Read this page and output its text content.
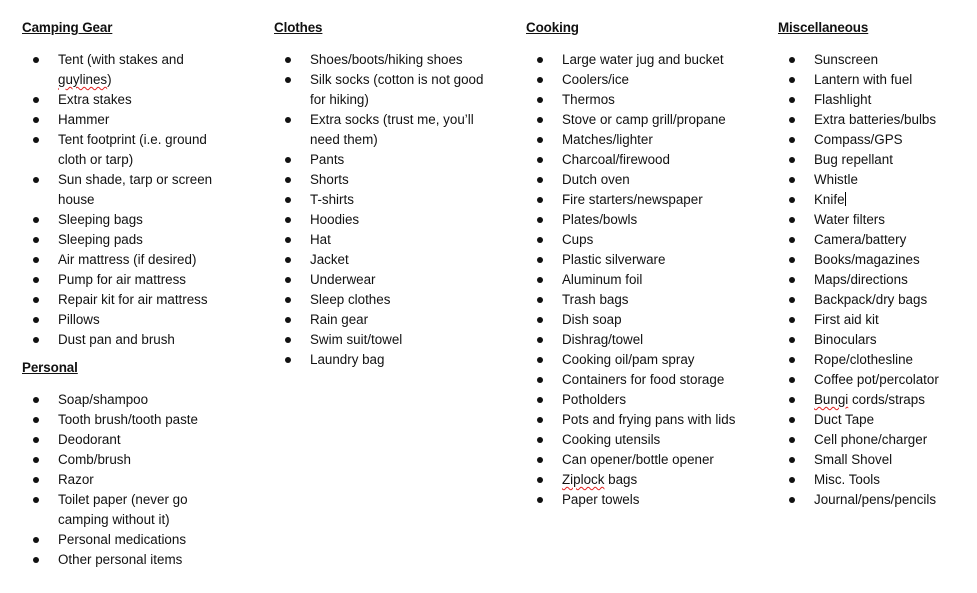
Camping Gear
Tent (with stakes and guylines)
Extra stakes
Hammer
Tent footprint (i.e. ground cloth or tarp)
Sun shade, tarp or screen house
Sleeping bags
Sleeping pads
Air mattress (if desired)
Pump for air mattress
Repair kit for air mattress
Pillows
Dust pan and brush
Personal
Soap/shampoo
Tooth brush/tooth paste
Deodorant
Comb/brush
Razor
Toilet paper (never go camping without it)
Personal medications
Other personal items
Clothes
Shoes/boots/hiking shoes
Silk socks (cotton is not good for hiking)
Extra socks (trust me, you’ll need them)
Pants
Shorts
T-shirts
Hoodies
Hat
Jacket
Underwear
Sleep clothes
Rain gear
Swim suit/towel
Laundry bag
Cooking
Large water jug and bucket
Coolers/ice
Thermos
Stove or camp grill/propane
Matches/lighter
Charcoal/firewood
Dutch oven
Fire starters/newspaper
Plates/bowls
Cups
Plastic silverware
Aluminum foil
Trash bags
Dish soap
Dishrag/towel
Cooking oil/pam spray
Containers for food storage
Potholders
Pots and frying pans with lids
Cooking utensils
Can opener/bottle opener
Ziplock bags
Paper towels
Miscellaneous
Sunscreen
Lantern with fuel
Flashlight
Extra batteries/bulbs
Compass/GPS
Bug repellant
Whistle
Knife
Water filters
Camera/battery
Books/magazines
Maps/directions
Backpack/dry bags
First aid kit
Binoculars
Rope/clothesline
Coffee pot/percolator
Bungi cords/straps
Duct Tape
Cell phone/charger
Small Shovel
Misc. Tools
Journal/pens/pencils
